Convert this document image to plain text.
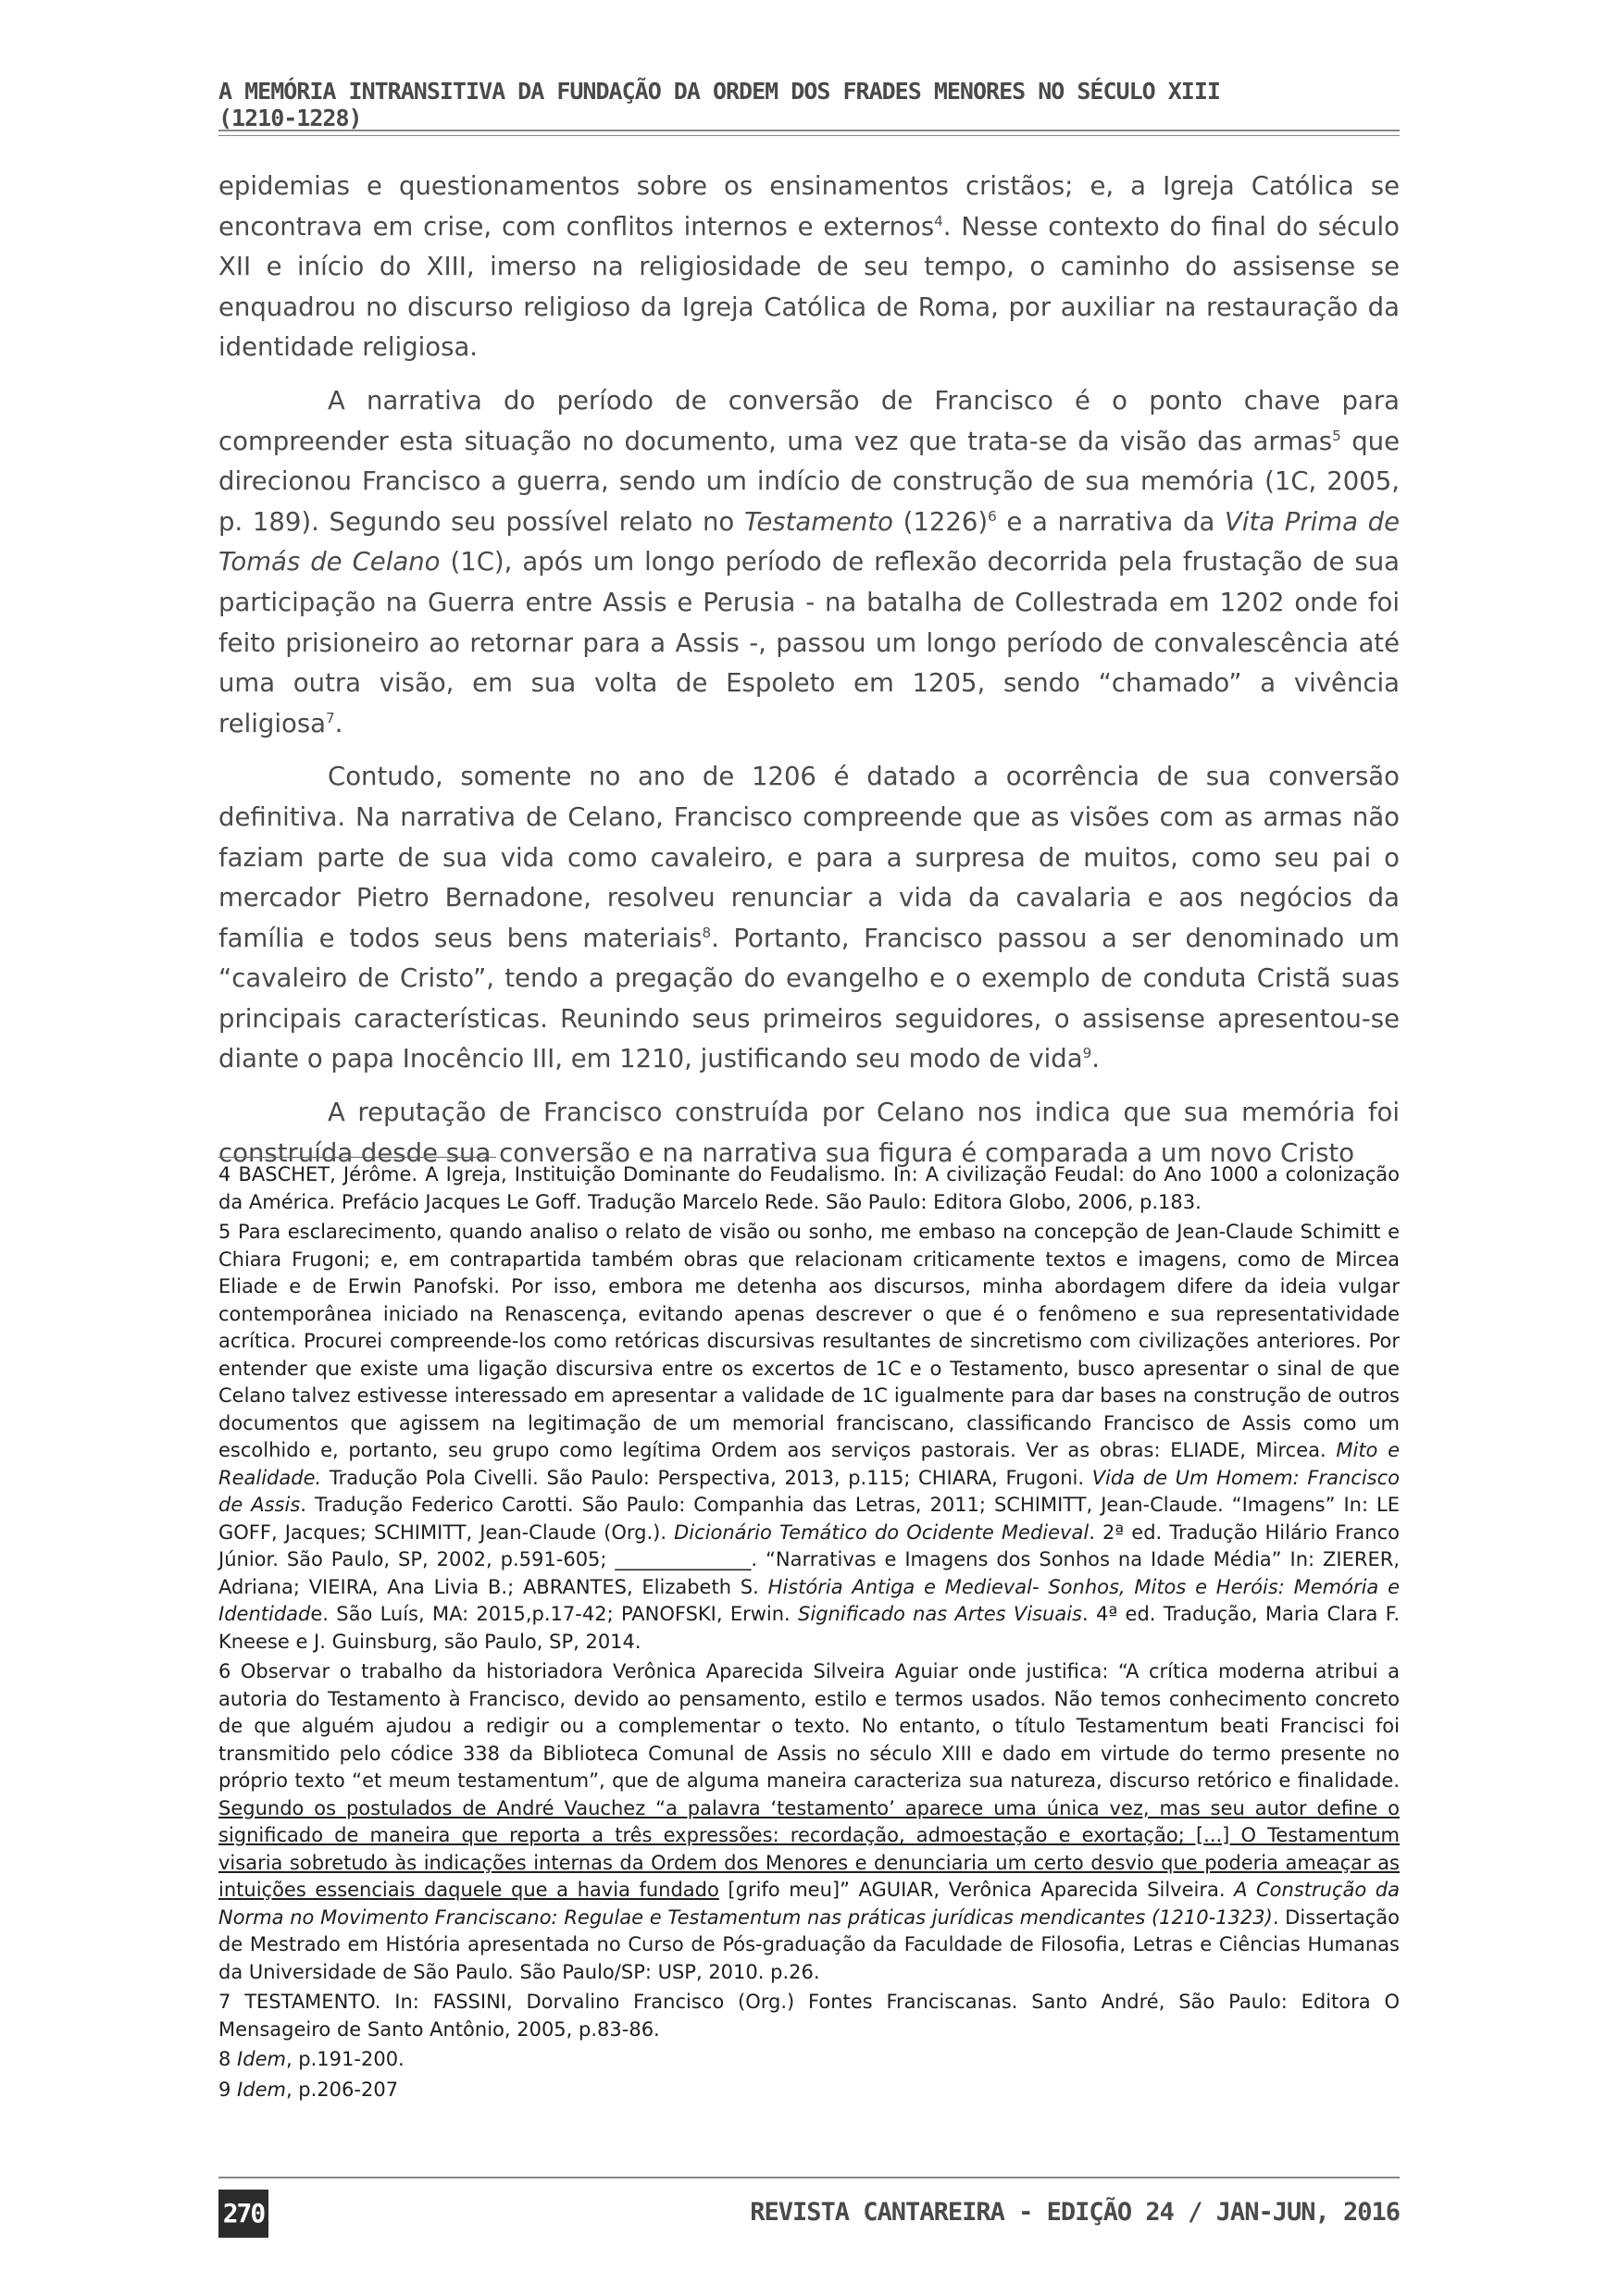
A MEMÓRIA INTRANSITIVA DA FUNDAÇÃO DA ORDEM DOS FRADES MENORES NO SÉCULO XIII
(1210-1228)

epidemias e questionamentos sobre os ensinamentos cristãos; e, a Igreja Católica se encontrava em crise, com conflitos internos e externos$^4$. Nesse contexto do final do século XII e início do XIII, imerso na religiosidade de seu tempo, o caminho do assisense se enquadrou no discurso religioso da Igreja Católica de Roma, por auxiliar na restauração da identidade religiosa.

A narrativa do período de conversão de Francisco é o ponto chave para compreender esta situação no documento, uma vez que trata-se da visão das armas$^5$ que direcionou Francisco a guerra, sendo um indício de construção de sua memória (1C, 2005, p. 189). Segundo seu possível relato no Testamento $(1226)^6$ e a narrativa da Vita Prima de Tomás de Celano (1C), após um longo período de reflexão decorrida pela frustação de sua participação na Guerra entre Assis e Perusia - na batalha de Collestrada em 1202 onde foi feito prisioneiro ao retornar para a Assis -, passou um longo período de convalescência até uma outra visão, em sua volta de Espoleto em 1205, sendo “chamado” a vivência religiosa$^7$.

Contudo, somente no ano de 1206 é datado a ocorrência de sua conversão definitiva. Na narrativa de Celano, Francisco compreende que as visões com as armas não faziam parte de sua vida como cavaleiro, e para a surpresa de muitos, como seu pai o mercador Pietro Bernadone, resolveu renunciar a vida da cavalaria e aos negócios da família e todos seus bens materiais$^8$. Portanto, Francisco passou a ser denominado um “cavaleiro de Cristo”, tendo a pregação do evangelho e o exemplo de conduta Cristã suas principais características. Reunindo seus primeiros seguidores, o assisense apresentou-se diante o papa Inocêncio III, em 1210, justificando seu modo de vida$^9$.

A reputação de Francisco construída por Celano nos indica que sua memória foi construída desde sua conversão e na narrativa sua figura é comparada a um novo Cristo

4 BASCHET, Jérôme. A Igreja, Instituição Dominante do Feudalismo. In: A civilização Feudal: do Ano 1000 a colonização da América. Prefácio Jacques Le Goff. Tradução Marcelo Rede. São Paulo: Editora Globo, 2006, p.183.

5 Para esclarecimento, quando analiso o relato de visão ou sonho, me embaso na concepção de Jean-Claude Schimitt e Chiara Frugoni; e, em contrapartida também obras que relacionam criticamente textos e imagens, como de Mircea Eliade e de Erwin Panofski. Por isso, embora me detenha aos discursos, minha abordagem difere da ideia vulgar contemporânea iniciado na Renascença, evitando apenas descrever o que é o fenômeno e sua representatividade acrítica. Procurei compreende-los como retóricas discursivas resultantes de sincretismo com civilizações anteriores. Por entender que existe uma ligação discursiva entre os excertos de 1C e o Testamento, busco apresentar o sinal de que Celano talvez estivesse interessado em apresentar a validade de 1C igualmente para dar bases na construção de outros documentos que agissem na legitimação de um memorial franciscano, classificando Francisco de Assis como um escolhido e, portanto, seu grupo como legítima Ordem aos serviços pastorais. Ver as obras: ELIADE, Mircea. Mito e Realidade. Tradução Pola Civelli. São Paulo: Perspectiva, 2013, p.115; CHIARA, Frugoni. Vida de Um Homem: Francisco de Assis. Tradução Federico Carotti. São Paulo: Companhia das Letras, 2011; SCHIMITT, Jean-Claude. “Imagens” In: LE GOFF, Jacques; SCHIMITT, Jean-Claude (Org.). Dicionário Temático do Ocidente Medieval. 2ª ed. Tradução Hilário Franco Júnior. São Paulo, SP, 2002, p.591-605; ______________. “Narrativas e Imagens dos Sonhos na Idade Média” In: ZIERER, Adriana; VIEIRA, Ana Livia B.; ABRANTES, Elizabeth S. História Antiga e Medieval- Sonhos, Mitos e Heróis: Memória e Identidade. São Luís, MA: 2015,p.17-42; PANOFSKI, Erwin. Significado nas Artes Visuais. 4ª ed. Tradução, Maria Clara F. Kneese e J. Guinsburg, são Paulo, SP, 2014.

6 Observar o trabalho da historiadora Verônica Aparecida Silveira Aguiar onde justifica: “A crítica moderna atribui a autoria do Testamento à Francisco, devido ao pensamento, estilo e termos usados. Não temos conhecimento concreto de que alguém ajudou a redigir ou a complementar o texto. No entanto, o título Testamentum beati Francisci foi transmitido pelo códice 338 da Biblioteca Comunal de Assis no século XIII e dado em virtude do termo presente no próprio texto “et meum testamentum”, que de alguma maneira caracteriza sua natureza, discurso retórico e finalidade. Segundo os postulados de André Vauchez “a palavra ‘testamento’ aparece uma única vez, mas seu autor define o significado de maneira que reporta a três expressões: recordação, admoestação e exortação; [...] O Testamentum visaria sobretudo às indicações internas da Ordem dos Menores e denunciaria um certo desvio que poderia ameaçar as intuições essenciais daquele que a havia fundado [grifo meu]” AGUIAR, Verônica Aparecida Silveira. A Construção da Norma no Movimento Franciscano: Regulae e Testamentum nas práticas jurídicas mendicantes (1210-1323). Dissertação de Mestrado em História apresentada no Curso de Pós-graduação da Faculdade de Filosofia, Letras e Ciências Humanas da Universidade de São Paulo. São Paulo/SP: USP, 2010. p.26.

7 TESTAMENTO. In: FASSINI, Dorvalino Francisco (Org.) Fontes Franciscanas. Santo André, São Paulo: Editora O Mensageiro de Santo Antônio, 2005, p.83-86.

8 Idem, p.191-200.

9 Idem, p.206-207

270	REVISTA CANTAREIRA - EDIÇÃO 24 / JAN-JUN, 2016
